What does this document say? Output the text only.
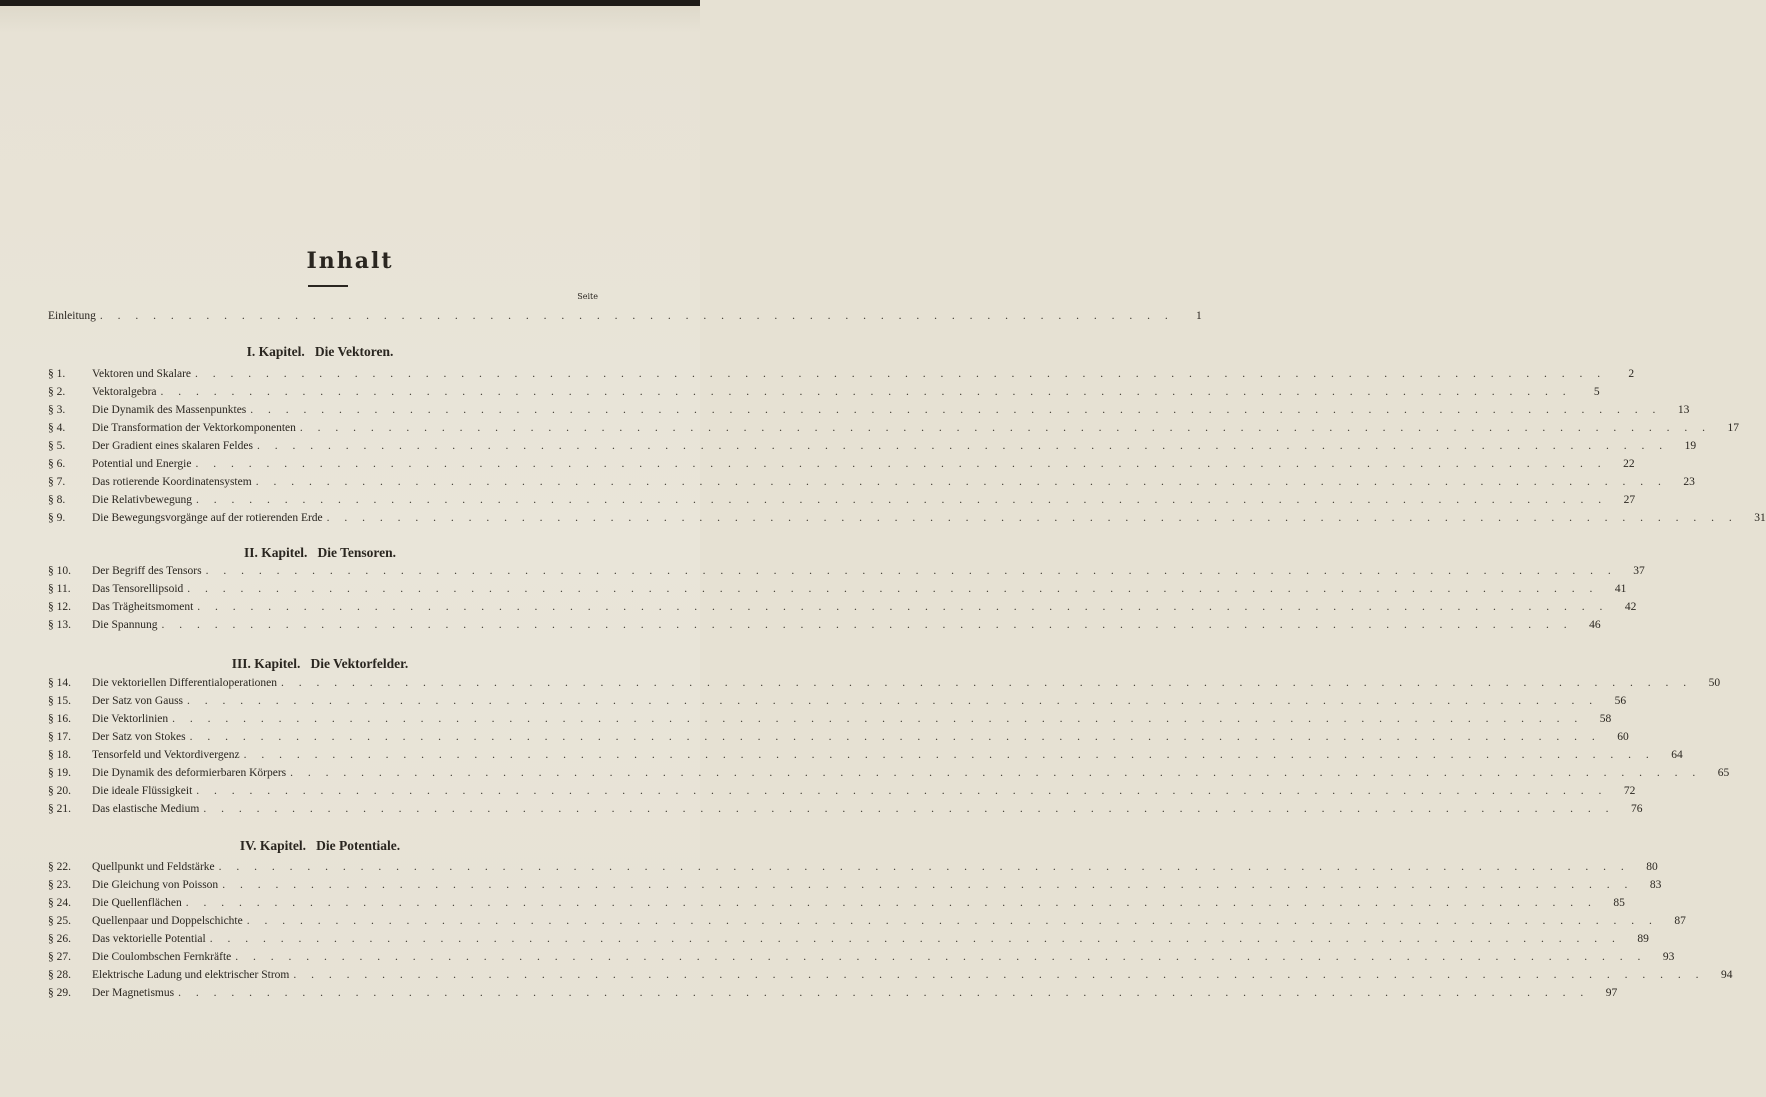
Inhalt
Seite
Einleitung . . . . . . . . . . . . . . . . . . . . . . . . . . . . . . . . . . . . . . . . . . . . . . . . . . . . . . . . . . . . .	1
I. Kapitel.   Die Vektoren.
§ 1.	Vektoren und Skalare . . . . . . . . . . . . . . . . . . . . . . . . . . . . . . . . . . . . . . . . . . . . . . . . . . . . . . . . . . . . . . . . . . . . . . . . . . . . . . . .	2
§ 2.	Vektoralgebra . . . . . . . . . . . . . . . . . . . . . . . . . . . . . . . . . . . . . . . . . . . . . . . . . . . . . . . . . . . . . . . . . . . . . . . . . . . . . . . .	5
§ 3.	Die Dynamik des Massenpunktes . . . . . . . . . . . . . . . . . . . . . . . . . . . . . . . . . . . . . . . . . . . . . . . . . . . . . . . . . . . . . . . . . . . . . . . . . . . . . . . .	13
§ 4.	Die Transformation der Vektorkomponenten . . . . . . . . . . . . . . . . . . . . . . . . . . . . . . . . . . . . . . . . . . . . . . . . . . . . . . . . . . . . . . . . . . . . . . . . . . . . . . . .	17
§ 5.	Der Gradient eines skalaren Feldes . . . . . . . . . . . . . . . . . . . . . . . . . . . . . . . . . . . . . . . . . . . . . . . . . . . . . . . . . . . . . . . . . . . . . . . . . . . . . . . .	19
§ 6.	Potential und Energie . . . . . . . . . . . . . . . . . . . . . . . . . . . . . . . . . . . . . . . . . . . . . . . . . . . . . . . . . . . . . . . . . . . . . . . . . . . . . . . .	22
§ 7.	Das rotierende Koordinatensystem . . . . . . . . . . . . . . . . . . . . . . . . . . . . . . . . . . . . . . . . . . . . . . . . . . . . . . . . . . . . . . . . . . . . . . . . . . . . . . . .	23
§ 8.	Die Relativbewegung . . . . . . . . . . . . . . . . . . . . . . . . . . . . . . . . . . . . . . . . . . . . . . . . . . . . . . . . . . . . . . . . . . . . . . . . . . . . . . . .	27
§ 9.	Die Bewegungsvorgänge auf der rotierenden Erde . . . . . . . . . . . . . . . . . . . . . . . . . . . . . . . . . . . . . . . . . . . . . . . . . . . . . . . . . . . . . . . . . . . . . . . . . . . . . . . .	31
II. Kapitel.   Die Tensoren.
§ 10.	Der Begriff des Tensors . . . . . . . . . . . . . . . . . . . . . . . . . . . . . . . . . . . . . . . . . . . . . . . . . . . . . . . . . . . . . . . . . . . . . . . . . . . . . . . .	37
§ 11.	Das Tensorellipsoid . . . . . . . . . . . . . . . . . . . . . . . . . . . . . . . . . . . . . . . . . . . . . . . . . . . . . . . . . . . . . . . . . . . . . . . . . . . . . . . .	41
§ 12.	Das Trägheitsmoment . . . . . . . . . . . . . . . . . . . . . . . . . . . . . . . . . . . . . . . . . . . . . . . . . . . . . . . . . . . . . . . . . . . . . . . . . . . . . . . .	42
§ 13.	Die Spannung . . . . . . . . . . . . . . . . . . . . . . . . . . . . . . . . . . . . . . . . . . . . . . . . . . . . . . . . . . . . . . . . . . . . . . . . . . . . . . . .	46
III. Kapitel.   Die Vektorfelder.
§ 14.	Die vektoriellen Differentialoperationen . . . . . . . . . . . . . . . . . . . . . . . . . . . . . . . . . . . . . . . . . . . . . . . . . . . . . . . . . . . . . . . . . . . . . . . . . . . . . . . .	50
§ 15.	Der Satz von Gauss . . . . . . . . . . . . . . . . . . . . . . . . . . . . . . . . . . . . . . . . . . . . . . . . . . . . . . . . . . . . . . . . . . . . . . . . . . . . . . . .	56
§ 16.	Die Vektorlinien . . . . . . . . . . . . . . . . . . . . . . . . . . . . . . . . . . . . . . . . . . . . . . . . . . . . . . . . . . . . . . . . . . . . . . . . . . . . . . . .	58
§ 17.	Der Satz von Stokes . . . . . . . . . . . . . . . . . . . . . . . . . . . . . . . . . . . . . . . . . . . . . . . . . . . . . . . . . . . . . . . . . . . . . . . . . . . . . . . .	60
§ 18.	Tensorfeld und Vektordivergenz . . . . . . . . . . . . . . . . . . . . . . . . . . . . . . . . . . . . . . . . . . . . . . . . . . . . . . . . . . . . . . . . . . . . . . . . . . . . . . . .	64
§ 19.	Die Dynamik des deformierbaren Körpers . . . . . . . . . . . . . . . . . . . . . . . . . . . . . . . . . . . . . . . . . . . . . . . . . . . . . . . . . . . . . . . . . . . . . . . . . . . . . . . .	65
§ 20.	Die ideale Flüssigkeit . . . . . . . . . . . . . . . . . . . . . . . . . . . . . . . . . . . . . . . . . . . . . . . . . . . . . . . . . . . . . . . . . . . . . . . . . . . . . . . .	72
§ 21.	Das elastische Medium . . . . . . . . . . . . . . . . . . . . . . . . . . . . . . . . . . . . . . . . . . . . . . . . . . . . . . . . . . . . . . . . . . . . . . . . . . . . . . . .	76
IV. Kapitel.   Die Potentiale.
§ 22.	Quellpunkt und Feldstärke . . . . . . . . . . . . . . . . . . . . . . . . . . . . . . . . . . . . . . . . . . . . . . . . . . . . . . . . . . . . . . . . . . . . . . . . . . . . . . . .	80
§ 23.	Die Gleichung von Poisson . . . . . . . . . . . . . . . . . . . . . . . . . . . . . . . . . . . . . . . . . . . . . . . . . . . . . . . . . . . . . . . . . . . . . . . . . . . . . . . .	83
§ 24.	Die Quellenflächen . . . . . . . . . . . . . . . . . . . . . . . . . . . . . . . . . . . . . . . . . . . . . . . . . . . . . . . . . . . . . . . . . . . . . . . . . . . . . . . .	85
§ 25.	Quellenpaar und Doppelschichte . . . . . . . . . . . . . . . . . . . . . . . . . . . . . . . . . . . . . . . . . . . . . . . . . . . . . . . . . . . . . . . . . . . . . . . . . . . . . . . .	87
§ 26.	Das vektorielle Potential . . . . . . . . . . . . . . . . . . . . . . . . . . . . . . . . . . . . . . . . . . . . . . . . . . . . . . . . . . . . . . . . . . . . . . . . . . . . . . . .	89
§ 27.	Die Coulombschen Fernkräfte . . . . . . . . . . . . . . . . . . . . . . . . . . . . . . . . . . . . . . . . . . . . . . . . . . . . . . . . . . . . . . . . . . . . . . . . . . . . . . . .	93
§ 28.	Elektrische Ladung und elektrischer Strom . . . . . . . . . . . . . . . . . . . . . . . . . . . . . . . . . . . . . . . . . . . . . . . . . . . . . . . . . . . . . . . . . . . . . . . . . . . . . . . .	94
§ 29.	Der Magnetismus . . . . . . . . . . . . . . . . . . . . . . . . . . . . . . . . . . . . . . . . . . . . . . . . . . . . . . . . . . . . . . . . . . . . . . . . . . . . . . . .	97
